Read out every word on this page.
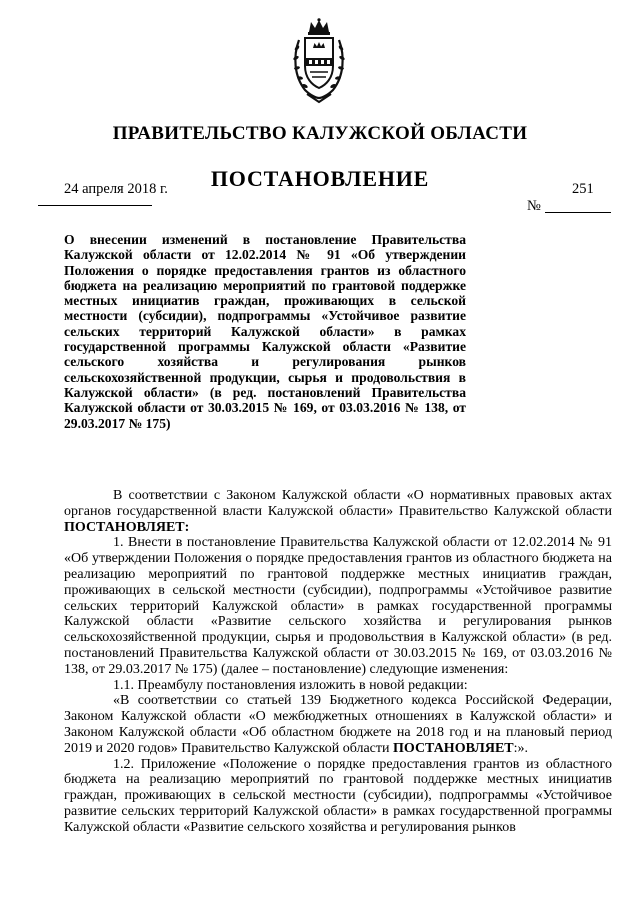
ПРАВИТЕЛЬСТВО КАЛУЖСКОЙ ОБЛАСТИ
ПОСТАНОВЛЕНИЕ
24 апреля 2018 г.	251
№
О внесении изменений в постановление Правительства Калужской области от 12.02.2014 № 91 «Об утверждении Положения о порядке предоставления грантов из областного бюджета на реализацию мероприятий по грантовой поддержке местных инициатив граждан, проживающих в сельской местности (субсидии), подпрограммы «Устойчивое развитие сельских территорий Калужской области» в рамках государственной программы Калужской области «Развитие сельского хозяйства и регулирования рынков сельскохозяйственной продукции, сырья и продовольствия в Калужской области» (в ред. постановлений Правительства Калужской области от 30.03.2015 № 169, от 03.03.2016 № 138, от 29.03.2017 № 175)

В соответствии с Законом Калужской области «О нормативных правовых актах органов государственной власти Калужской области» Правительство Калужской области ПОСТАНОВЛЯЕТ:

1. Внести в постановление Правительства Калужской области от 12.02.2014 № 91 «Об утверждении Положения о порядке предоставления грантов из областного бюджета на реализацию мероприятий по грантовой поддержке местных инициатив граждан, проживающих в сельской местности (субсидии), подпрограммы «Устойчивое развитие сельских территорий Калужской области» в рамках государственной программы Калужской области «Развитие сельского хозяйства и регулирования рынков сельскохозяйственной продукции, сырья и продовольствия в Калужской области» (в ред. постановлений Правительства Калужской области от 30.03.2015 № 169, от 03.03.2016 № 138, от 29.03.2017 № 175) (далее – постановление) следующие изменения:

1.1. Преамбулу постановления изложить в новой редакции:

«В соответствии со статьей 139 Бюджетного кодекса Российской Федерации, Законом Калужской области «О межбюджетных отношениях в Калужской области» и Законом Калужской области «Об областном бюджете на 2018 год и на плановый период 2019 и 2020 годов» Правительство Калужской области ПОСТАНОВЛЯЕТ:».

1.2. Приложение «Положение о порядке предоставления грантов из областного бюджета на реализацию мероприятий по грантовой поддержке местных инициатив граждан, проживающих в сельской местности (субсидии), подпрограммы «Устойчивое развитие сельских территорий Калужской области» в рамках государственной программы Калужской области «Развитие сельского хозяйства и регулирования рынков
